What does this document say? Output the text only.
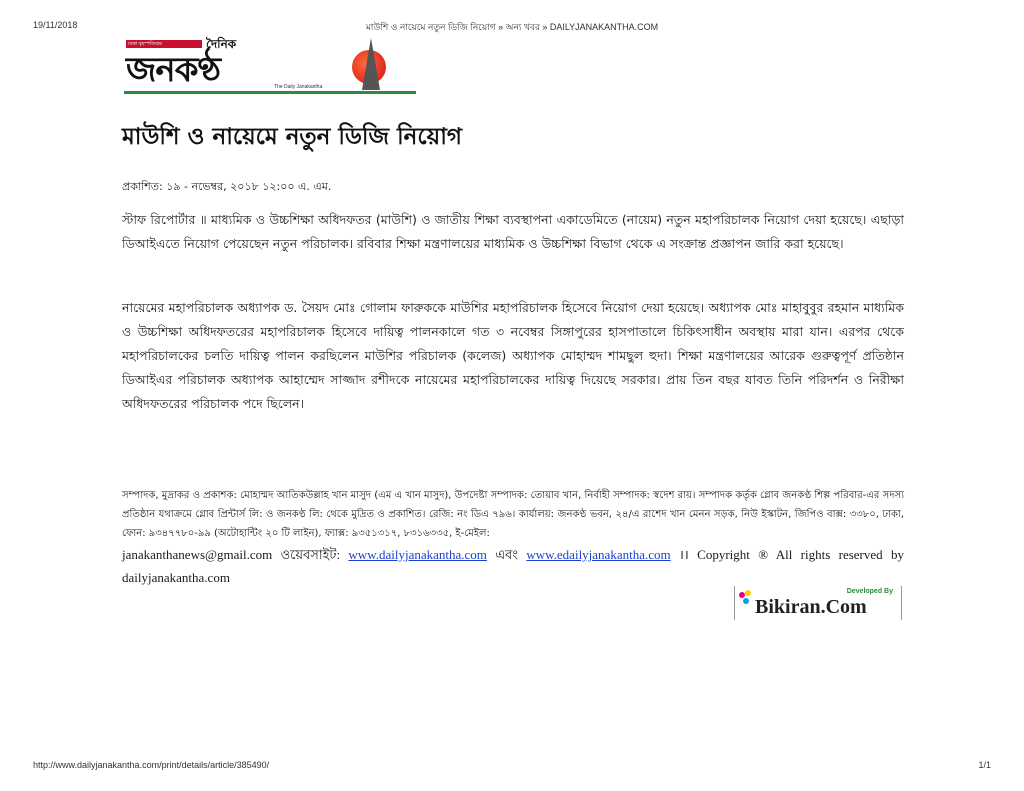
19/11/2018	মাউশি ও নায়েমে নতুন ডিজি নিয়োগ » অন্য খবর » DAILYJANAKANTHA.COM
ঢাকা বৃহস্পতিবার	দৈনিক
জনকণ্ঠ	The Daily Janakantha
মাউশি ও নায়েমে নতুন ডিজি নিয়োগ
প্রকাশিত: ১৯ - নভেম্বর, ২০১৮ ১২:০০ এ. এম.

স্টাফ রিপোর্টার ॥ মাধ্যমিক ও উচ্চশিক্ষা অধিদফতর (মাউশি) ও জাতীয় শিক্ষা ব্যবস্থাপনা একাডেমিতে (নায়েম) নতুন মহাপরিচালক নিয়োগ দেয়া হয়েছে। এছাড়া ডিআইএতে নিয়োগ পেয়েছেন নতুন পরিচালক। রবিবার শিক্ষা মন্ত্রণালয়ের মাধ্যমিক ও উচ্চশিক্ষা বিভাগ থেকে এ সংক্রান্ত প্রজ্ঞাপন জারি করা হয়েছে।

নায়েমের মহাপরিচালক অধ্যাপক ড. সৈয়দ মোঃ গোলাম ফারুককে মাউশির মহাপরিচালক হিসেবে নিয়োগ দেয়া হয়েছে। অধ্যাপক মোঃ মাহাবুবুর রহমান মাধ্যমিক ও উচ্চশিক্ষা অধিদফতরের মহাপরিচালক হিসেবে দায়িত্ব পালনকালে গত ৩ নবেম্বর সিঙ্গাপুরের হাসপাতালে চিকিৎসাধীন অবস্থায় মারা যান। এরপর থেকে মহাপরিচালকের চলতি দায়িত্ব পালন করছিলেন মাউশির পরিচালক (কলেজ) অধ্যাপক মোহাম্মদ শামছুল হুদা। শিক্ষা মন্ত্রণালয়ের আরেক গুরুত্বপূর্ণ প্রতিষ্ঠান ডিআইএর পরিচালক অধ্যাপক আহাম্মেদ সাজ্জাদ রশীদকে নায়েমের মহাপরিচালকের দায়িত্ব দিয়েছে সরকার। প্রায় তিন বছর যাবত তিনি পরিদর্শন ও নিরীক্ষা অধিদফতরের পরিচালক পদে ছিলেন।

সম্পাদক, মুদ্রাকর ও প্রকাশক: মোহাম্মদ আতিকউল্লাহ খান মাসুদ (এম এ খান মাসুদ), উপদেষ্টা সম্পাদক: তোয়াব খান, নির্বাহী সম্পাদক: স্বদেশ রায়। সম্পাদক কর্তৃক গ্লোব জনকণ্ঠ শিল্প পরিবার-এর সদস্য প্রতিষ্ঠান যথাক্রমে গ্লোব প্রিন্টার্স লি: ও জনকণ্ঠ লি: থেকে মুদ্রিত ও প্রকাশিত। রেজি: নং ডিএ ৭৯৬। কার্যালয়: জনকণ্ঠ ভবন, ২৪/এ রাশেদ খান মেনন সড়ক, নিউ ইস্কাটন, জিপিও বাক্স: ৩৩৮০, ঢাকা, ফোন: ৯৩৪৭৭৮০-৯৯ (অটোহান্টিং ২০ টি লাইন), ফ্যাক্স: ৯৩৫১৩১৭, ৮৩১৬৩৩৫, ই-মেইল:
janakanthanews@gmail.com ওয়েবসাইট: www.dailyjanakantha.com এবং www.edailyjanakantha.com ।। Copyright ® All rights reserved by dailyjanakantha.com
Developed By
Bikiran.Com
http://www.dailyjanakantha.com/print/details/article/385490/	1/1
